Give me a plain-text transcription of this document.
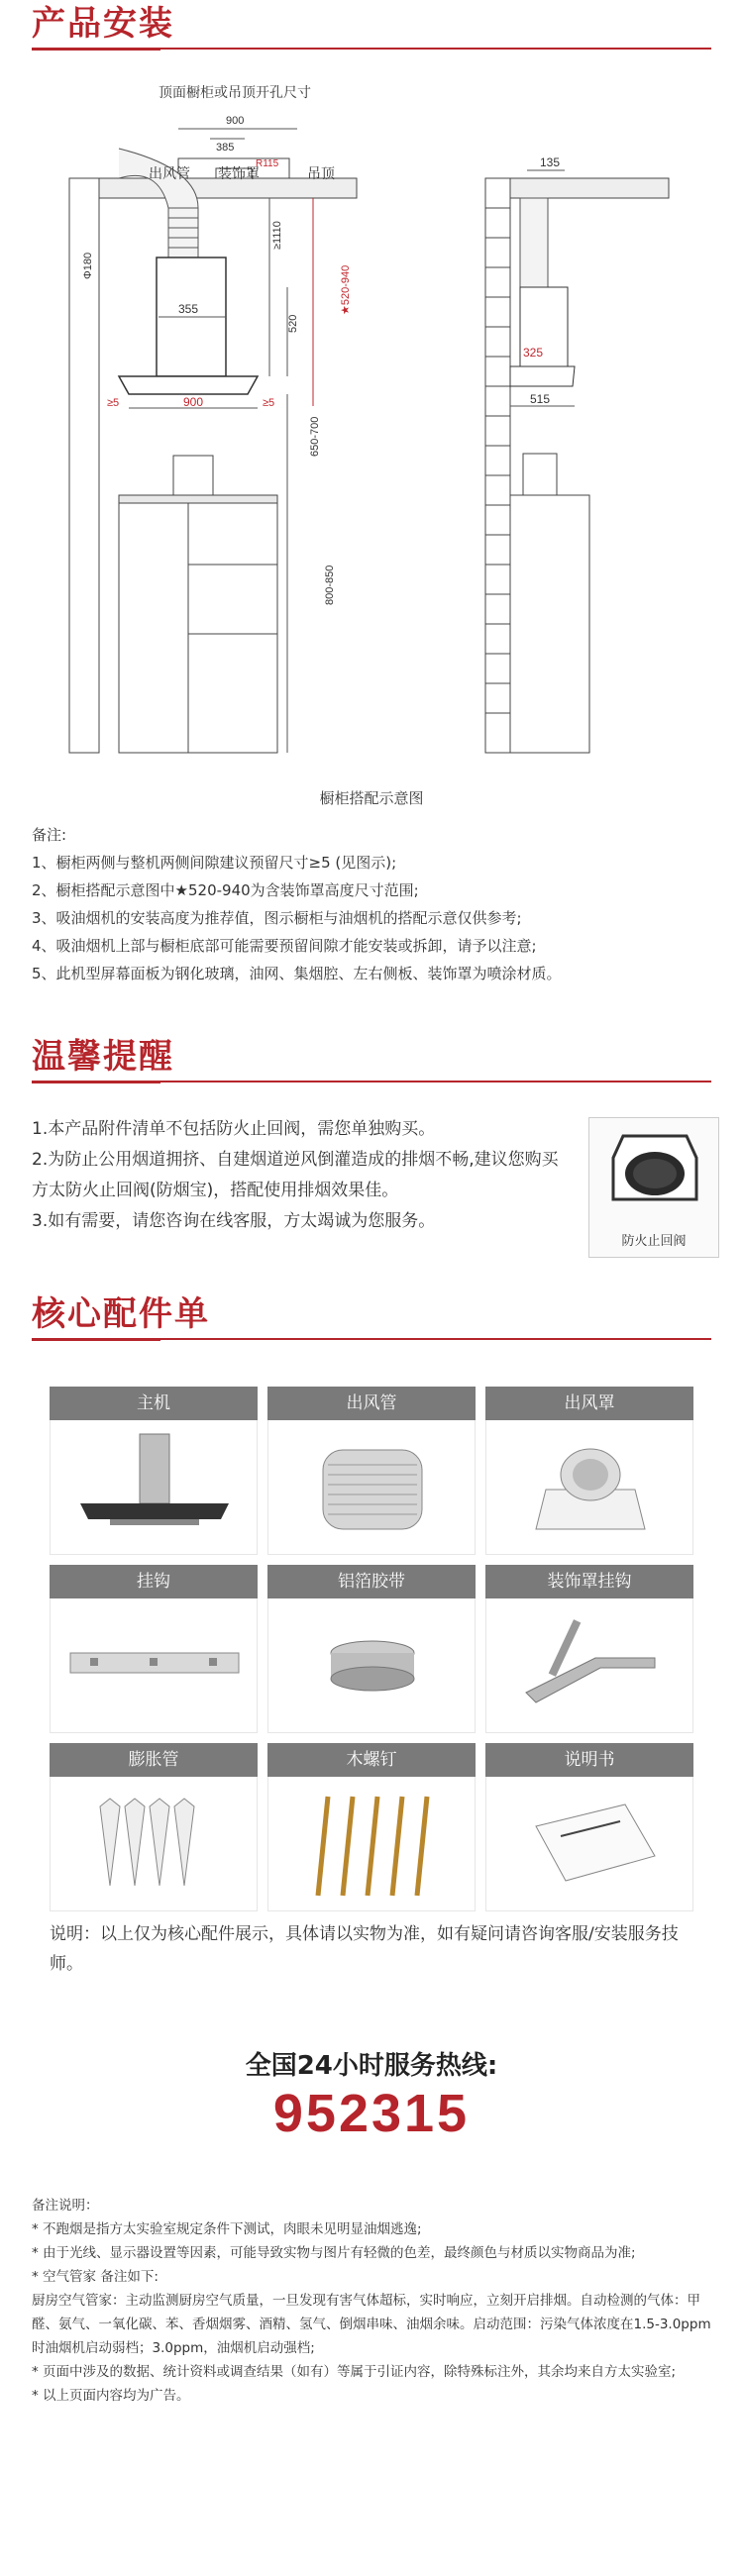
产品安装
顶面橱柜或吊顶开孔尺寸
900
385
R115
Φ180
出风管 装饰罩	吊顶
355
900
≥5	≥5
≥1110
520
★520-940
650-700
800-850
135
325
515
橱柜搭配示意图
备注:
1、橱柜两侧与整机两侧间隙建议预留尺寸≥5 (见图示);
2、橱柜搭配示意图中★520-940为含装饰罩高度尺寸范围;
3、吸油烟机的安装高度为推荐值，图示橱柜与油烟机的搭配示意仅供参考;
4、吸油烟机上部与橱柜底部可能需要预留间隙才能安装或拆卸，请予以注意;
5、此机型屏幕面板为钢化玻璃，油网、集烟腔、左右侧板、装饰罩为喷涂材质。
温馨提醒
1.本产品附件清单不包括防火止回阀，需您单独购买。
2.为防止公用烟道拥挤、自建烟道逆风倒灌造成的排烟不畅,建议您购买方太防火止回阀(防烟宝)，搭配使用排烟效果佳。
3.如有需要，请您咨询在线客服，方太竭诚为您服务。
防火止回阀
核心配件单
主机	出风管	出风罩
挂钩	铝箔胶带	装饰罩挂钩
膨胀管	木螺钉	说明书
说明：以上仅为核心配件展示，具体请以实物为准，如有疑问请咨询客服/安装服务技师。
全国24小时服务热线:
952315
备注说明：
* 不跑烟是指方太实验室规定条件下测试，肉眼未见明显油烟逃逸;
* 由于光线、显示器设置等因素，可能导致实物与图片有轻微的色差，最终颜色与材质以实物商品为准;
* 空气管家 备注如下:
厨房空气管家：主动监测厨房空气质量，一旦发现有害气体超标，实时响应，立刻开启排烟。自动检测的气体：甲醛、氨气、一氧化碳、苯、香烟烟雾、酒精、氢气、倒烟串味、油烟余味。启动范围：污染气体浓度在1.5-3.0ppm时油烟机启动弱档；3.0ppm，油烟机启动强档;
* 页面中涉及的数据、统计资料或调查结果（如有）等属于引证内容，除特殊标注外，其余均来自方太实验室;
* 以上页面内容均为广告。
